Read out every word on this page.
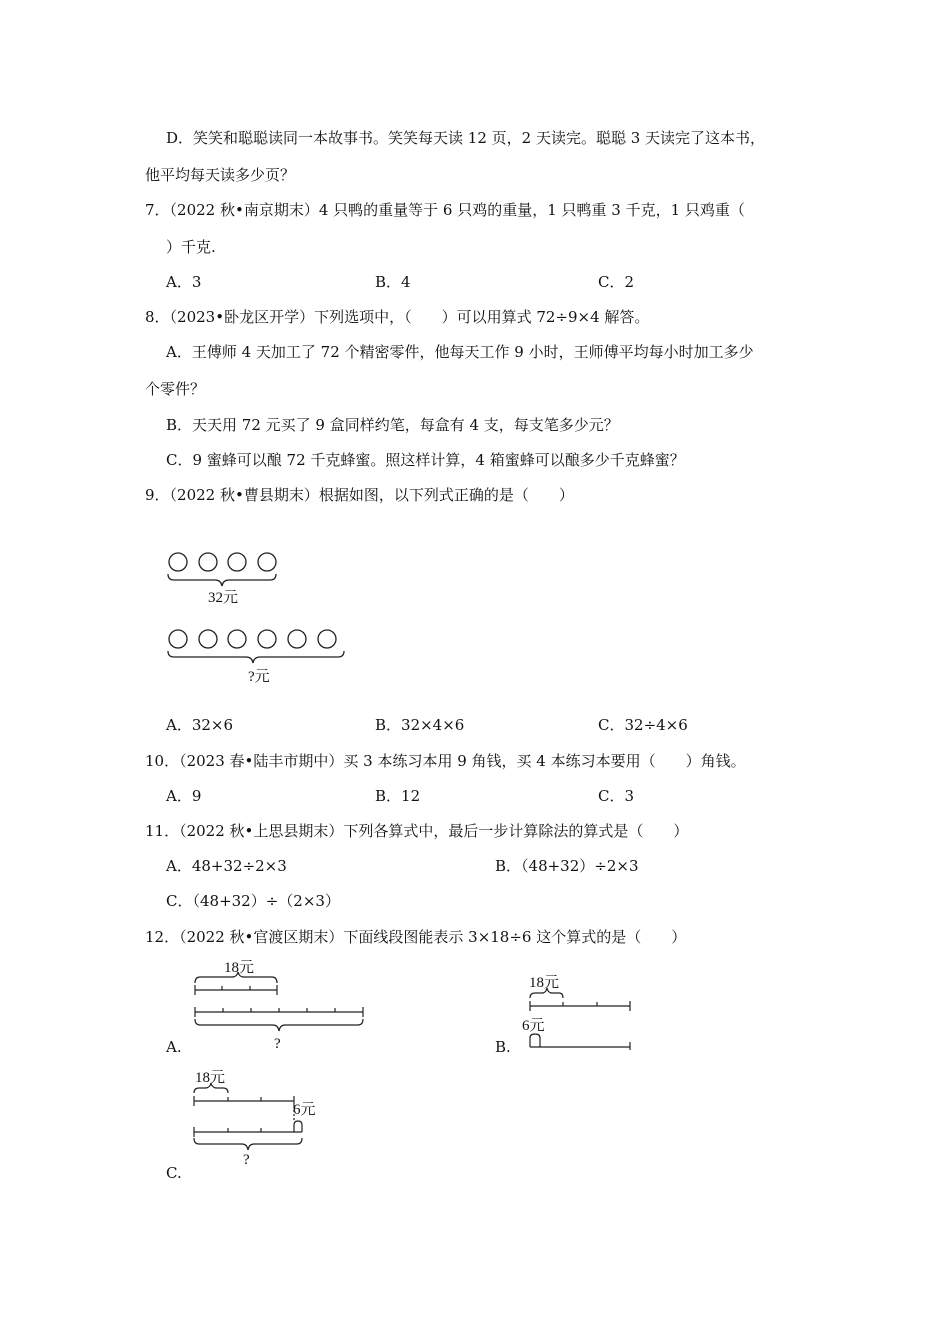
D．笑笑和聪聪读同一本故事书。笑笑每天读 12 页，2 天读完。聪聪 3 天读完了这本书，
他平均每天读多少页？
7．（2022 秋•南京期末）4 只鸭的重量等于 6 只鸡的重量，1 只鸭重 3 千克，1 只鸡重（
）千克.
A．3	B．4	C．2
8．（2023•卧龙区开学）下列选项中，（　　）可以用算式 72÷9×4 解答。
A．王傅师 4 天加工了 72 个精密零件，他每天工作 9 小时，王师傅平均每小时加工多少
个零件？
B．天天用 72 元买了 9 盒同样约笔，每盒有 4 支，每支笔多少元？
C．9 蜜蜂可以酿 72 千克蜂蜜。照这样计算，4 箱蜜蜂可以酿多少千克蜂蜜？
9．（2022 秋•曹县期末）根据如图，以下列式正确的是（　　）
32元
?元
A．32×6	B．32×4×6	C．32÷4×6
10．（2023 春•陆丰市期中）买 3 本练习本用 9 角钱，买 4 本练习本要用（　　）角钱。
A．9	B．12	C．3
11．（2022 秋•上思县期末）下列各算式中，最后一步计算除法的算式是（　　）
A．48+32÷2×3	B．（48+32）÷2×3
C．（48+32）÷（2×3）
12．（2022 秋•官渡区期末）下面线段图能表示 3×18÷6 这个算式的是（　　）
18元
?
A.
18元
6元
B.
18元
6元
?
C.
